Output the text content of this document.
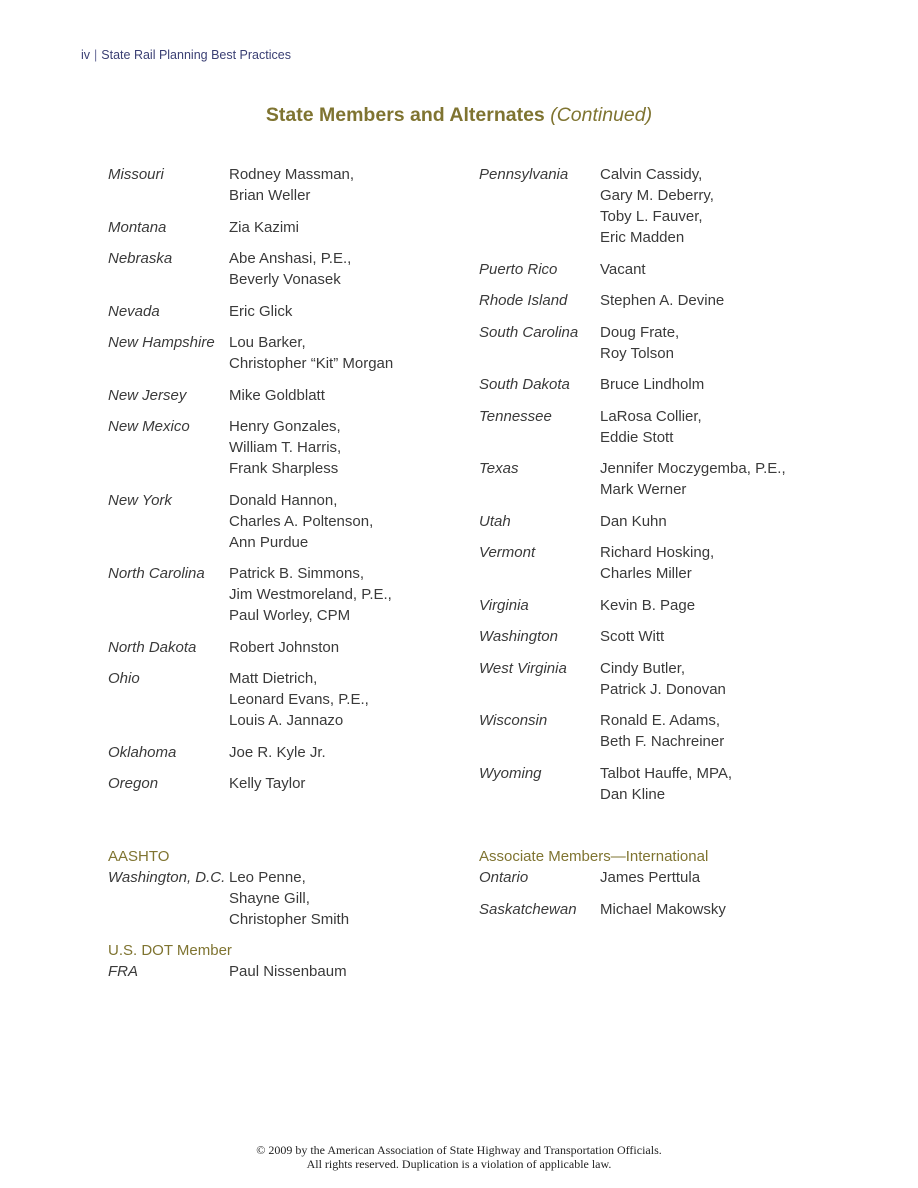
iv | State Rail Planning Best Practices
State Members and Alternates (Continued)
Missouri	Rodney Massman,
Brian Weller
Montana	Zia Kazimi
Nebraska	Abe Anshasi, P.E.,
Beverly Vonasek
Nevada	Eric Glick
New Hampshire Lou Barker,
Christopher “Kit” Morgan
New Jersey	Mike Goldblatt
New Mexico	Henry Gonzales,
William T. Harris,
Frank Sharpless
New York	Donald Hannon,
Charles A. Poltenson,
Ann Purdue
North Carolina	Patrick B. Simmons,
Jim Westmoreland, P.E.,
Paul Worley, CPM
North Dakota	Robert Johnston
Ohio	Matt Dietrich,
Leonard Evans, P.E.,
Louis A. Jannazo
Oklahoma	Joe R. Kyle Jr.
Oregon	Kelly Taylor
Pennsylvania	Calvin Cassidy,
Gary M. Deberry,
Toby L. Fauver,
Eric Madden
Puerto Rico	Vacant
Rhode Island	Stephen A. Devine
South Carolina	Doug Frate,
Roy Tolson
South Dakota	Bruce Lindholm
Tennessee	LaRosa Collier,
Eddie Stott
Texas	Jennifer Moczygemba, P.E.,
Mark Werner
Utah	Dan Kuhn
Vermont	Richard Hosking,
Charles Miller
Virginia	Kevin B. Page
Washington	Scott Witt
West Virginia	Cindy Butler,
Patrick J. Donovan
Wisconsin	Ronald E. Adams,
Beth F. Nachreiner
Wyoming	Talbot Hauffe, MPA,
Dan Kline
AASHTO
Washington, D.C. Leo Penne,
Shayne Gill,
Christopher Smith
U.S. DOT Member
FRA	Paul Nissenbaum
Associate Members—International
Ontario	James Perttula
Saskatchewan	Michael Makowsky
© 2009 by the American Association of State Highway and Transportation Officials.
All rights reserved. Duplication is a violation of applicable law.
